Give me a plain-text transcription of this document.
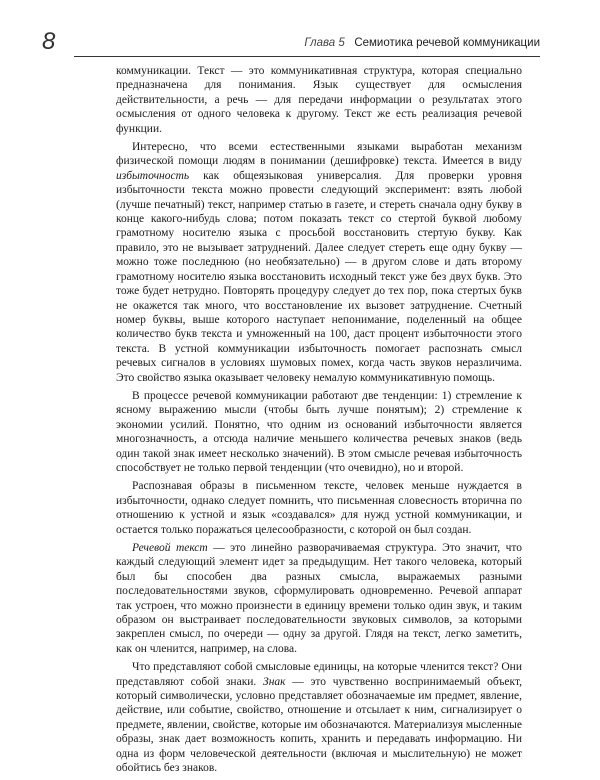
8	Глава 5 Семиотика речевой коммуникации

коммуникации. Текст — это коммуникативная структура, которая специально предназначена для понимания. Язык существует для осмысления действительности, а речь — для передачи информации о результатах этого осмысления от одного человека к другому. Текст же есть реализация речевой функции.

Интересно, что всеми естественными языками выработан механизм физической помощи людям в понимании (дешифровке) текста. Имеется в виду избыточность как общеязыковая универсалия. Для проверки уровня избыточности текста можно провести следующий эксперимент: взять любой (лучше печатный) текст, например статью в газете, и стереть сначала одну букву в конце какого-нибудь слова; потом показать текст со стертой буквой любому грамотному носителю языка с просьбой восстановить стертую букву. Как правило, это не вызывает затруднений. Далее следует стереть еще одну букву — можно тоже последнюю (но необязательно) — в другом слове и дать второму грамотному носителю языка восстановить исходный текст уже без двух букв. Это тоже будет нетрудно. Повторять процедуру следует до тех пор, пока стертых букв не окажется так много, что восстановление их вызовет затруднение. Счетный номер буквы, выше которого наступает непонимание, поделенный на общее количество букв текста и умноженный на 100, даст процент избыточности этого текста. В устной коммуникации избыточность помогает распознать смысл речевых сигналов в условиях шумовых помех, когда часть звуков неразличима. Это свойство языка оказывает человеку немалую коммуникативную помощь.

В процессе речевой коммуникации работают две тенденции: 1) стремление к ясному выражению мысли (чтобы быть лучше понятым); 2) стремление к экономии усилий. Понятно, что одним из оснований избыточности является многозначность, а отсюда наличие меньшего количества речевых знаков (ведь один такой знак имеет несколько значений). В этом смысле речевая избыточность способствует не только первой тенденции (что очевидно), но и второй.

Распознавая образы в письменном тексте, человек меньше нуждается в избыточности, однако следует помнить, что письменная словесность вторична по отношению к устной и язык «создавался» для нужд устной коммуникации, и остается только поражаться целесообразности, с которой он был создан.

Речевой текст — это линейно разворачиваемая структура. Это значит, что каждый следующий элемент идет за предыдущим. Нет такого человека, который был бы способен два разных смысла, выражаемых разными последовательностями звуков, сформулировать одновременно. Речевой аппарат так устроен, что можно произнести в единицу времени только один звук, и таким образом он выстраивает последовательности звуковых символов, за которыми закреплен смысл, по очереди — одну за другой. Глядя на текст, легко заметить, как он членится, например, на слова.

Что представляют собой смысловые единицы, на которые членится текст? Они представляют собой знаки. Знак — это чувственно воспринимаемый объект, который символически, условно представляет обозначаемые им предмет, явление, действие, или событие, свойство, отношение и отсылает к ним, сигнализирует о предмете, явлении, свойстве, которые им обозначаются. Материализуя мысленные образы, знак дает возможность копить, хранить и передавать информацию. Ни одна из форм человеческой деятельности (включая и мыслительную) не может обойтись без знаков.
